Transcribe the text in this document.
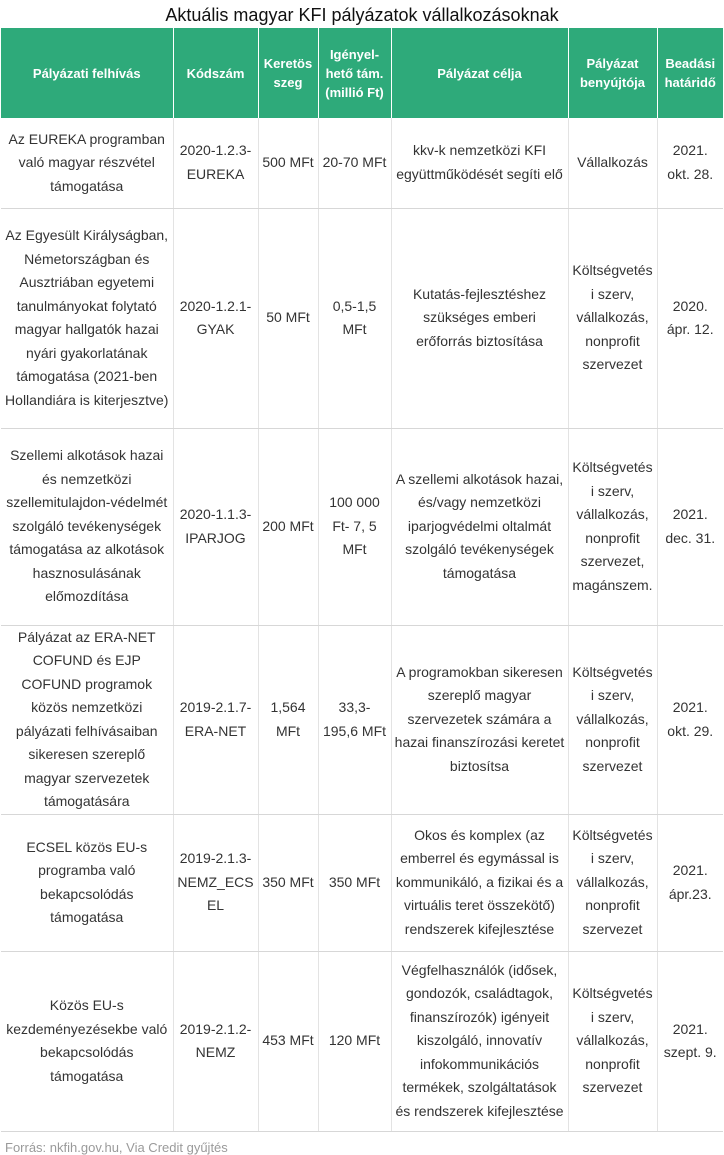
Aktuális magyar KFI pályázatok vállalkozásoknak
Pályázati felhívás	Kódszám	Keretös szeg	Igényel-hető tám. (millió Ft)	Pályázat célja	Pályázat benyújtója	Beadási határidő
Az EUREKA programban való magyar részvétel támogatása	2020-1.2.3-EUREKA	500 MFt	20-70 MFt	kkv-k nemzetközi KFI együttműködését segíti elő	Vállalkozás	2021. okt. 28.
Az Egyesült Királyságban, Németországban és Ausztriában egyetemi tanulmányokat folytató magyar hallgatók hazai nyári gyakorlatának támogatása (2021-ben Hollandiára is kiterjesztve)	2020-1.2.1-GYAK	50 MFt	0,5-1,5 MFt	Kutatás-fejlesztéshez szükséges emberi erőforrás biztosítása	Költségvetési szerv, vállalkozás, nonprofit szervezet	2020. ápr. 12.
Szellemi alkotások hazai és nemzetközi szellemitulajdon-védelmét szolgáló tevékenységek támogatása az alkotások hasznosulásának előmozdítása	2020-1.1.3-IPARJOG	200 MFt	100 000 Ft- 7, 5 MFt	A szellemi alkotások hazai, és/vagy nemzetközi iparjogvédelmi oltalmát szolgáló tevékenységek támogatása	Költségvetési szerv, vállalkozás, nonprofit szervezet, magánszem.	2021. dec. 31.
Pályázat az ERA-NET COFUND és EJP COFUND programok közös nemzetközi pályázati felhívásaiban sikeresen szereplő magyar szervezetek támogatására	2019-2.1.7-ERA-NET	1,564 MFt	33,3-195,6 MFt	A programokban sikeresen szereplő magyar szervezetek számára a hazai finanszírozási keretet biztosítsa	Költségvetési szerv, vállalkozás, nonprofit szervezet	2021. okt. 29.
ECSEL közös EU-s programba való bekapcsolódás támogatása	2019-2.1.3-NEMZ_ECSEL	350 MFt	350 MFt	Okos és komplex (az emberrel és egymással is kommunikáló, a fizikai és a virtuális teret összekötő) rendszerek kifejlesztése	Költségvetési szerv, vállalkozás, nonprofit szervezet	2021. ápr.23.
Közös EU-s kezdeményezésekbe való bekapcsolódás támogatása	2019-2.1.2-NEMZ	453 MFt	120 MFt	Végfelhasználók (idősek, gondozók, családtagok, finanszírozók) igényeit kiszolgáló, innovatív infokommunikációs termékek, szolgáltatások és rendszerek kifejlesztése	Költségvetési szerv, vállalkozás, nonprofit szervezet	2021. szept. 9.
Forrás: nkfih.gov.hu, Via Credit gyűjtés
